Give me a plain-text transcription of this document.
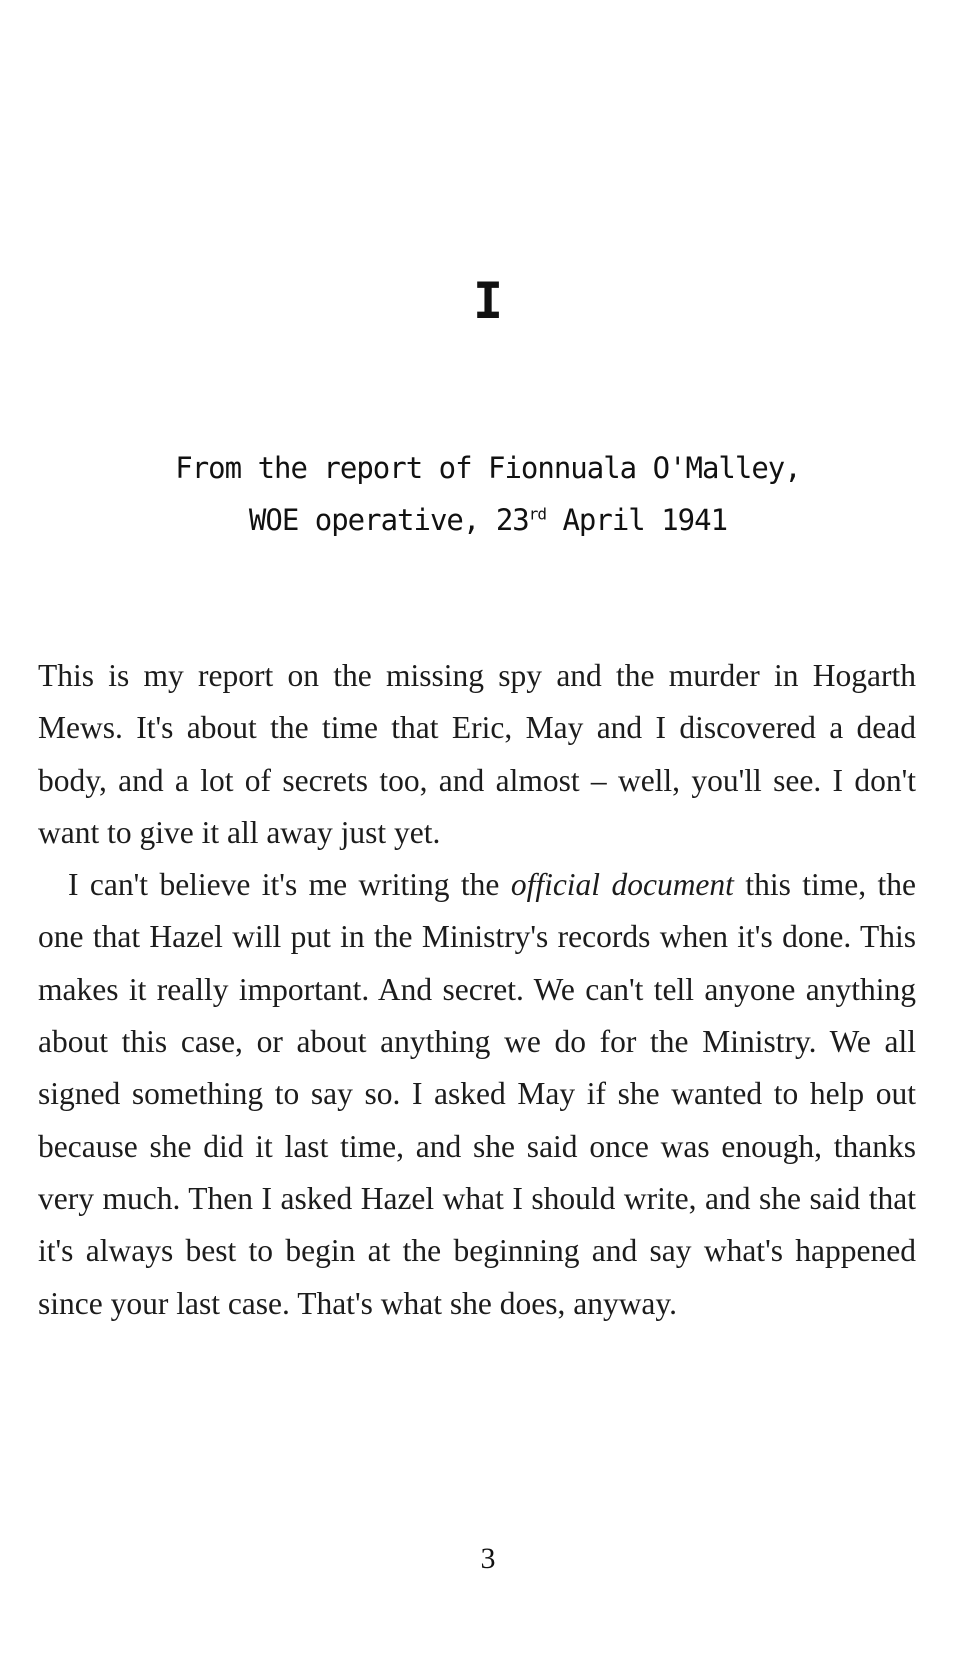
I
From the report of Fionnuala O'Malley,
WOE operative, 23rd April 1941

This is my report on the missing spy and the murder in Hogarth Mews. It's about the time that Eric, May and I discovered a dead body, and a lot of secrets too, and almost – well, you'll see. I don't want to give it all away just yet.

I can't believe it's me writing the official document this time, the one that Hazel will put in the Ministry's records when it's done. This makes it really important. And secret. We can't tell anyone anything about this case, or about anything we do for the Ministry. We all signed something to say so. I asked May if she wanted to help out because she did it last time, and she said once was enough, thanks very much. Then I asked Hazel what I should write, and she said that it's always best to begin at the beginning and say what's happened since your last case. That's what she does, anyway.

3
